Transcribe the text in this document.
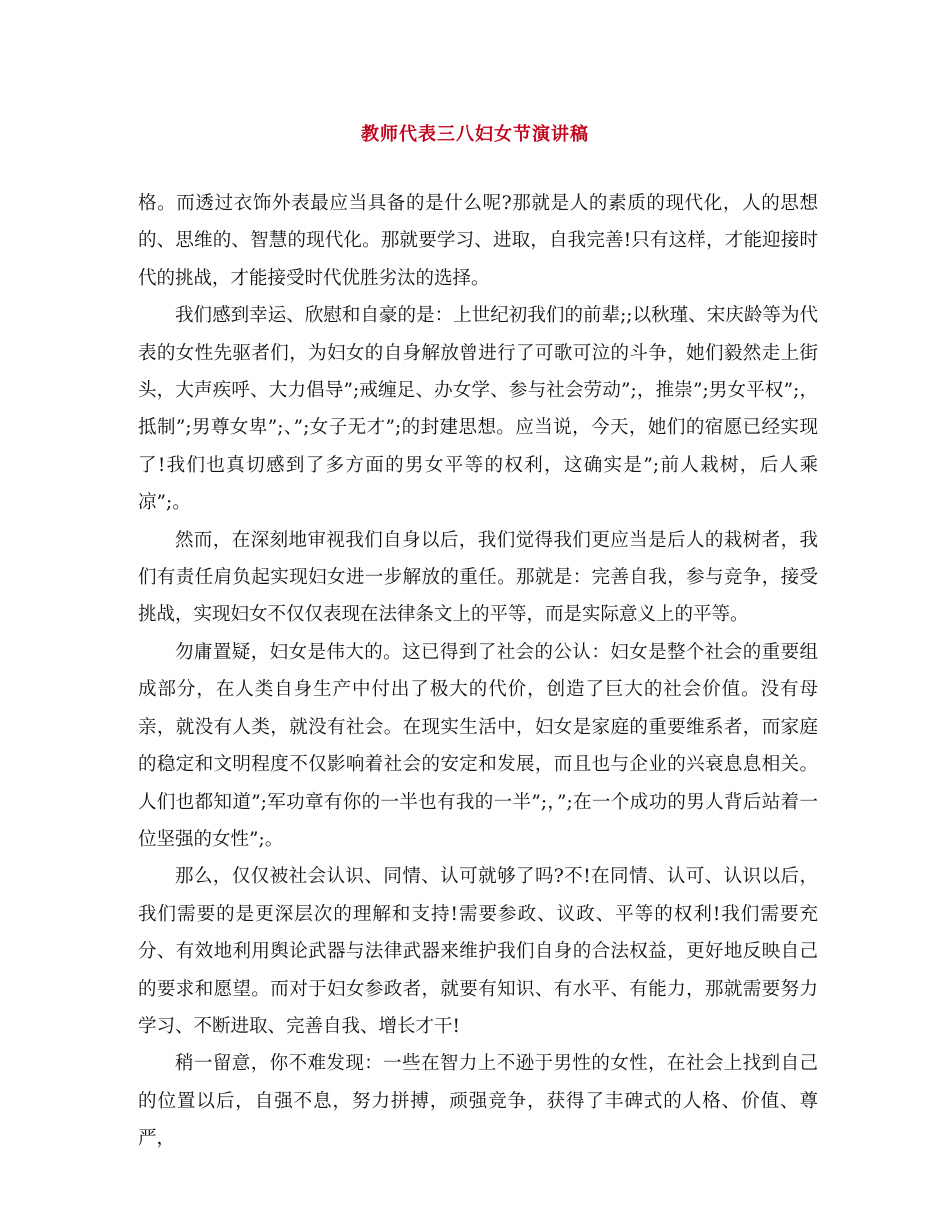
教师代表三八妇女节演讲稿

格。而透过衣饰外表最应当具备的是什么呢?那就是人的素质的现代化，人的思想的、思维的、智慧的现代化。那就要学习、进取，自我完善!只有这样，才能迎接时代的挑战，才能接受时代优胜劣汰的选择。

我们感到幸运、欣慰和自豪的是：上世纪初我们的前辈;;以秋瑾、宋庆龄等为代表的女性先驱者们，为妇女的自身解放曾进行了可歌可泣的斗争，她们毅然走上街头，大声疾呼、大力倡导”;戒缠足、办女学、参与社会劳动”;，推崇”;男女平权”;，抵制”;男尊女卑”;、”;女子无才”;的封建思想。应当说，今天，她们的宿愿已经实现了!我们也真切感到了多方面的男女平等的权利，这确实是”;前人栽树，后人乘凉”;。

然而，在深刻地审视我们自身以后，我们觉得我们更应当是后人的栽树者，我们有责任肩负起实现妇女进一步解放的重任。那就是：完善自我，参与竞争，接受挑战，实现妇女不仅仅表现在法律条文上的平等，而是实际意义上的平等。

勿庸置疑，妇女是伟大的。这已得到了社会的公认：妇女是整个社会的重要组成部分，在人类自身生产中付出了极大的代价，创造了巨大的社会价值。没有母亲，就没有人类，就没有社会。在现实生活中，妇女是家庭的重要维系者，而家庭的稳定和文明程度不仅影响着社会的安定和发展，而且也与企业的兴衰息息相关。人们也都知道”;军功章有你的一半也有我的一半”;，”;在一个成功的男人背后站着一位坚强的女性”;。

那么，仅仅被社会认识、同情、认可就够了吗?不!在同情、认可、认识以后，我们需要的是更深层次的理解和支持!需要参政、议政、平等的权利!我们需要充分、有效地利用舆论武器与法律武器来维护我们自身的合法权益，更好地反映自己的要求和愿望。而对于妇女参政者，就要有知识、有水平、有能力，那就需要努力学习、不断进取、完善自我、增长才干!

稍一留意，你不难发现：一些在智力上不逊于男性的女性，在社会上找到自己的位置以后，自强不息，努力拼搏，顽强竞争，获得了丰碑式的人格、价值、尊严，
